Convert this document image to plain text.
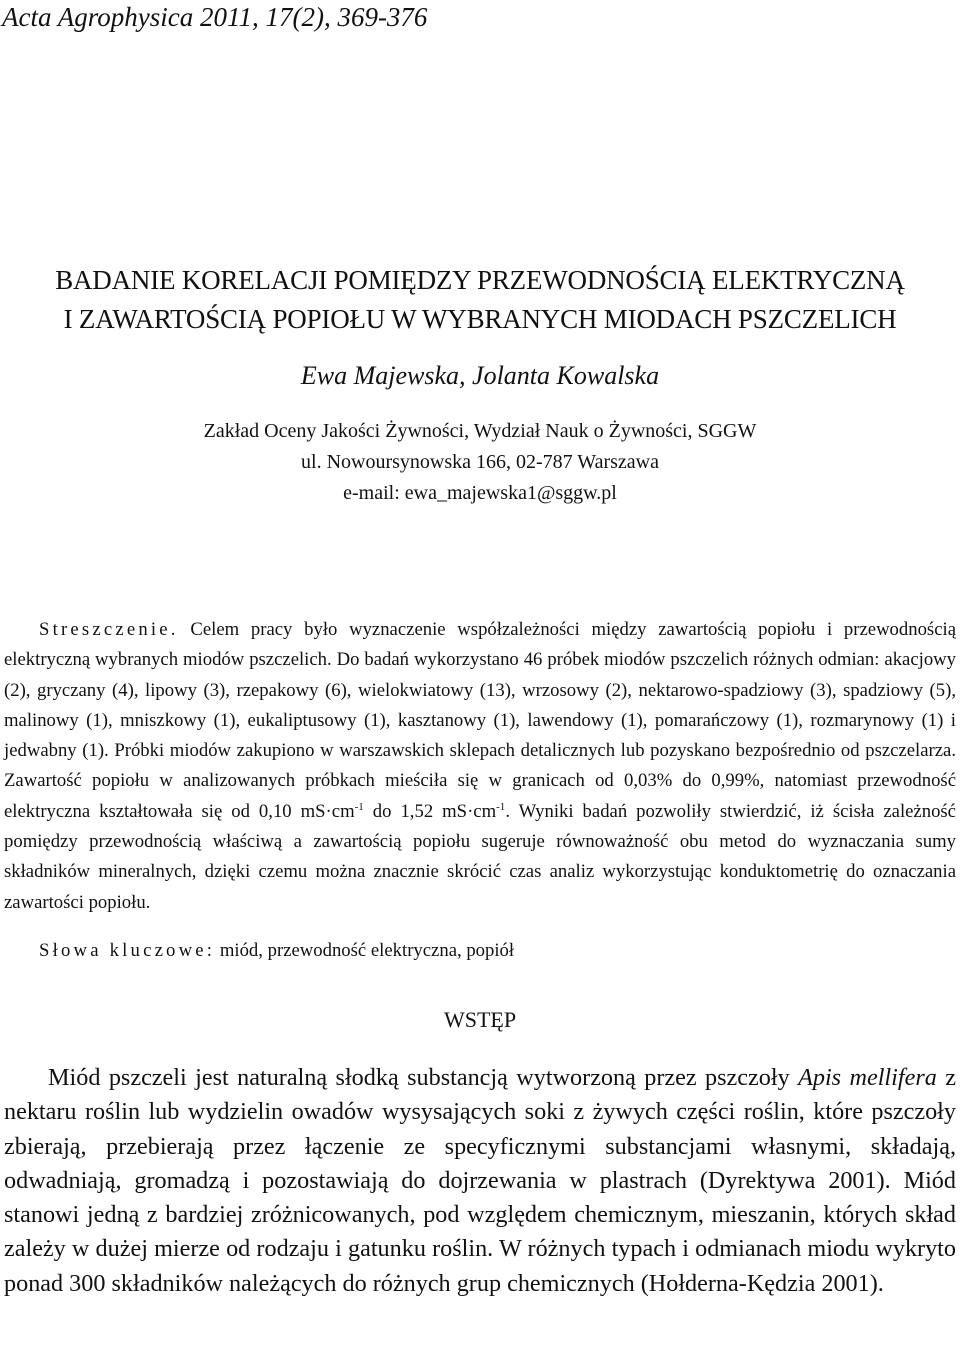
Acta Agrophysica 2011, 17(2), 369-376
BADANIE KORELACJI POMIĘDZY PRZEWODNOŚCIĄ ELEKTRYCZNĄ
I ZAWARTOŚCIĄ POPIOŁU W WYBRANYCH MIODACH PSZCZELICH
Ewa Majewska, Jolanta Kowalska
Zakład Oceny Jakości Żywności, Wydział Nauk o Żywności, SGGW
ul. Nowoursynowska 166, 02-787 Warszawa
e-mail: ewa_majewska1@sggw.pl

Streszczenie. Celem pracy było wyznaczenie współzależności między zawartością popiołu i przewodnością elektryczną wybranych miodów pszczelich. Do badań wykorzystano 46 próbek miodów pszczelich różnych odmian: akacjowy (2), gryczany (4), lipowy (3), rzepakowy (6), wielokwiatowy (13), wrzosowy (2), nektarowo-spadziowy (3), spadziowy (5), malinowy (1), mniszkowy (1), eukaliptusowy (1), kasztanowy (1), lawendowy (1), pomarańczowy (1), rozmarynowy (1) i jedwabny (1). Próbki miodów zakupiono w warszawskich sklepach detalicznych lub pozyskano bezpośrednio od pszczelarza. Zawartość popiołu w analizowanych próbkach mieściła się w granicach od 0,03% do 0,99%, natomiast przewodność elektryczna kształtowała się od 0,10 $mS\cdot cm^{-1}$ do 1,52 $mS\cdot cm^{-1}$. Wyniki badań pozwoliły stwierdzić, iż ścisła zależność pomiędzy przewodnością właściwą a zawartością popiołu sugeruje równoważność obu metod do wyznaczania sumy składników mineralnych, dzięki czemu można znacznie skrócić czas analiz wykorzystując konduktometrię do oznaczania zawartości popiołu.

Słowa kluczowe: miód, przewodność elektryczna, popiół
WSTĘP

Miód pszczeli jest naturalną słodką substancją wytworzoną przez pszczoły Apis mellifera z nektaru roślin lub wydzielin owadów wysysających soki z żywych części roślin, które pszczoły zbierają, przebierają przez łączenie ze specyficznymi substancjami własnymi, składają, odwadniają, gromadzą i pozostawiają do dojrzewania w plastrach (Dyrektywa 2001). Miód stanowi jedną z bardziej zróżnicowanych, pod względem chemicznym, mieszanin, których skład zależy w dużej mierze od rodzaju i gatunku roślin. W różnych typach i odmianach miodu wykryto ponad 300 składników należących do różnych grup chemicznych (Hołderna-Kędzia 2001).
